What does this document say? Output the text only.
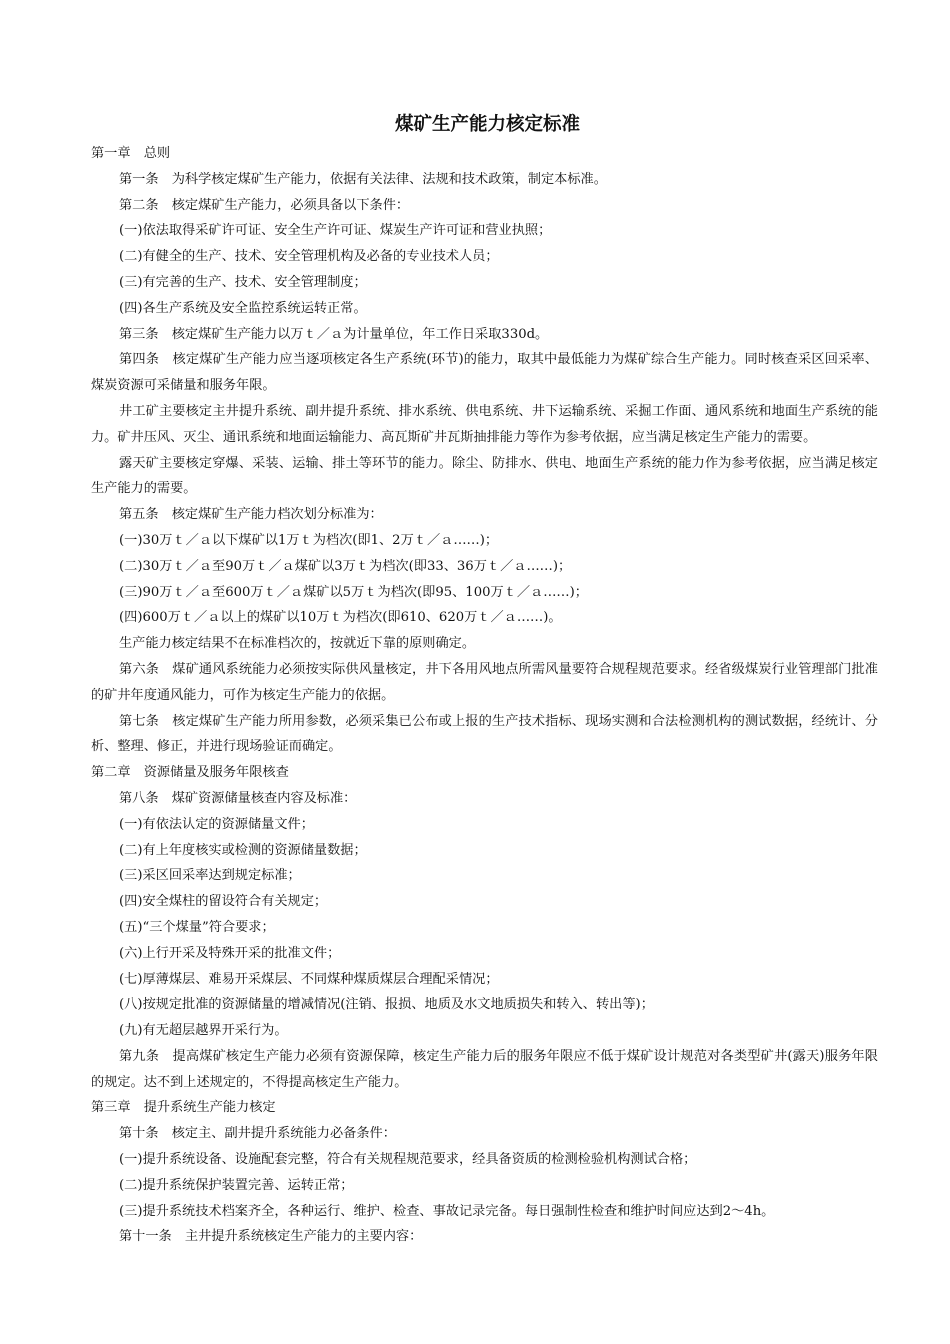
煤矿生产能力核定标准

第一章　总则

第一条　为科学核定煤矿生产能力，依据有关法律、法规和技术政策，制定本标准。

第二条　核定煤矿生产能力，必须具备以下条件：

(一)依法取得采矿许可证、安全生产许可证、煤炭生产许可证和营业执照；

(二)有健全的生产、技术、安全管理机构及必备的专业技术人员；

(三)有完善的生产、技术、安全管理制度；

(四)各生产系统及安全监控系统运转正常。

第三条　核定煤矿生产能力以万ｔ／ａ为计量单位，年工作日采取330d。

第四条　核定煤矿生产能力应当逐项核定各生产系统(环节)的能力，取其中最低能力为煤矿综合生产能力。同时核查采区回采率、煤炭资源可采储量和服务年限。

井工矿主要核定主井提升系统、副井提升系统、排水系统、供电系统、井下运输系统、采掘工作面、通风系统和地面生产系统的能力。矿井压风、灭尘、通讯系统和地面运输能力、高瓦斯矿井瓦斯抽排能力等作为参考依据，应当满足核定生产能力的需要。

露天矿主要核定穿爆、采装、运输、排土等环节的能力。除尘、防排水、供电、地面生产系统的能力作为参考依据，应当满足核定生产能力的需要。

第五条　核定煤矿生产能力档次划分标准为：

(一)30万ｔ／ａ以下煤矿以1万ｔ为档次(即1、2万ｔ／ａ……)；

(二)30万ｔ／ａ至90万ｔ／ａ煤矿以3万ｔ为档次(即33、36万ｔ／ａ……)；

(三)90万ｔ／ａ至600万ｔ／ａ煤矿以5万ｔ为档次(即95、100万ｔ／ａ……)；

(四)600万ｔ／ａ以上的煤矿以10万ｔ为档次(即610、620万ｔ／ａ……)。

生产能力核定结果不在标准档次的，按就近下靠的原则确定。

第六条　煤矿通风系统能力必须按实际供风量核定，井下各用风地点所需风量要符合规程规范要求。经省级煤炭行业管理部门批准的矿井年度通风能力，可作为核定生产能力的依据。

第七条　核定煤矿生产能力所用参数，必须采集已公布或上报的生产技术指标、现场实测和合法检测机构的测试数据，经统计、分析、整理、修正，并进行现场验证而确定。

第二章　资源储量及服务年限核查

第八条　煤矿资源储量核查内容及标准：

(一)有依法认定的资源储量文件；

(二)有上年度核实或检测的资源储量数据；

(三)采区回采率达到规定标准；

(四)安全煤柱的留设符合有关规定；

(五)“三个煤量”符合要求；

(六)上行开采及特殊开采的批准文件；

(七)厚薄煤层、难易开采煤层、不同煤种煤质煤层合理配采情况；

(八)按规定批准的资源储量的增减情况(注销、报损、地质及水文地质损失和转入、转出等)；

(九)有无超层越界开采行为。

第九条　提高煤矿核定生产能力必须有资源保障，核定生产能力后的服务年限应不低于煤矿设计规范对各类型矿井(露天)服务年限的规定。达不到上述规定的，不得提高核定生产能力。

第三章　提升系统生产能力核定

第十条　核定主、副井提升系统能力必备条件：

(一)提升系统设备、设施配套完整，符合有关规程规范要求，经具备资质的检测检验机构测试合格；

(二)提升系统保护装置完善、运转正常；

(三)提升系统技术档案齐全，各种运行、维护、检查、事故记录完备。每日强制性检查和维护时间应达到2～4h。

第十一条　主井提升系统核定生产能力的主要内容：
